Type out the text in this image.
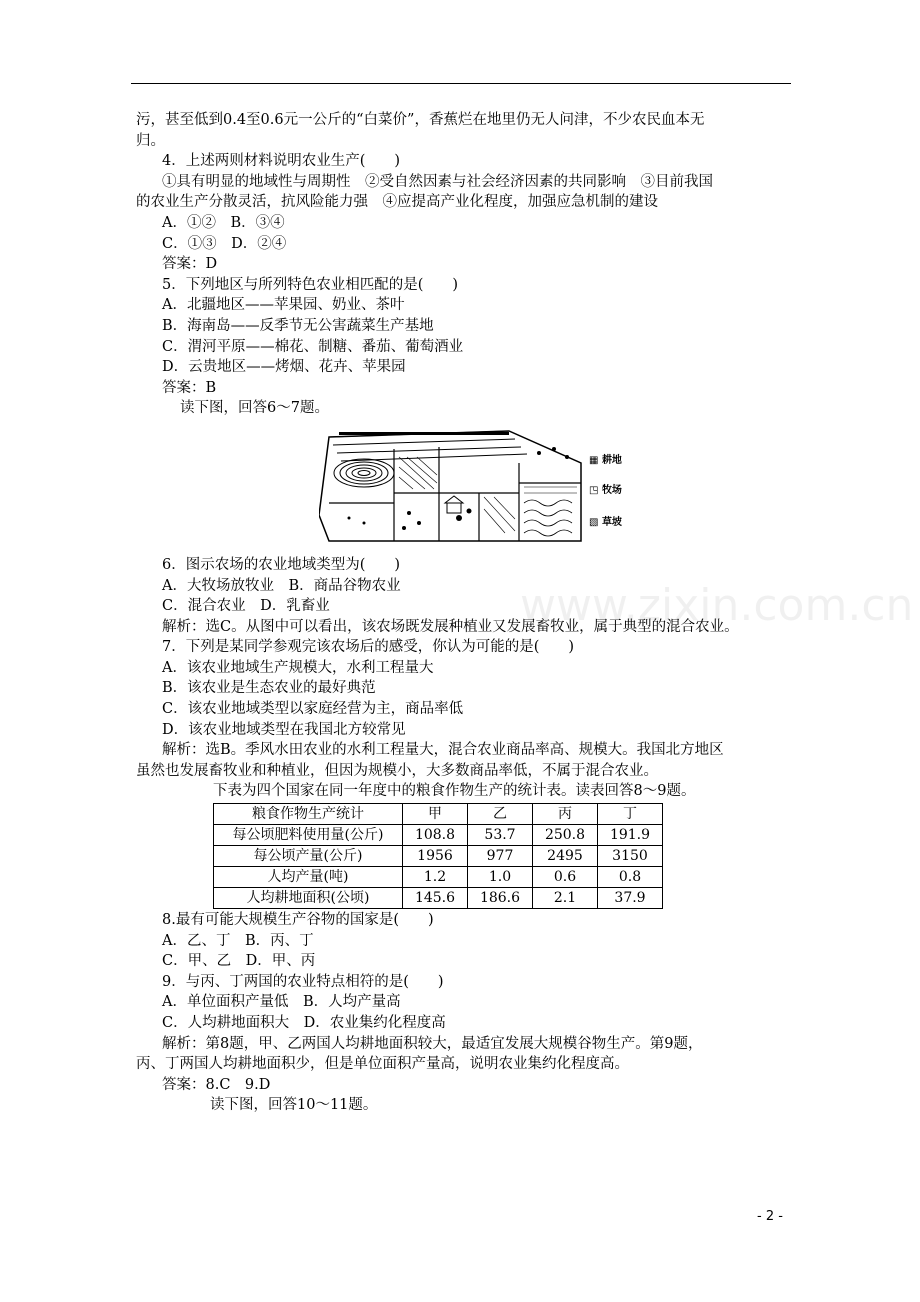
污，甚至低到0.4至0.6元一公斤的“白菜价”，香蕉烂在地里仍无人问津，不少农民血本无

归。

4．上述两则材料说明农业生产(　　)

①具有明显的地域性与周期性　②受自然因素与社会经济因素的共同影响　③目前我国

的农业生产分散灵活，抗风险能力强　④应提高产业化程度，加强应急机制的建设

A．①②　B．③④

C．①③　D．②④

答案：D

5．下列地区与所列特色农业相匹配的是(　　)

A．北疆地区——苹果园、奶业、茶叶

B．海南岛——反季节无公害蔬菜生产基地

C．渭河平原——棉花、制糖、番茄、葡萄酒业

D．云贵地区——烤烟、花卉、苹果园

答案：B

读下图，回答6～7题。

▦ 耕地
◳ 牧场
▧ 草坡

6．图示农场的农业地域类型为(　　)

A．大牧场放牧业　B．商品谷物农业

C．混合农业　D．乳畜业

解析：选C。从图中可以看出，该农场既发展种植业又发展畜牧业，属于典型的混合农业。

7．下列是某同学参观完该农场后的感受，你认为可能的是(　　)

A．该农业地域生产规模大，水利工程量大

B．该农业是生态农业的最好典范

C．该农业地域类型以家庭经营为主，商品率低

D．该农业地域类型在我国北方较常见

解析：选B。季风水田农业的水利工程量大，混合农业商品率高、规模大。我国北方地区

虽然也发展畜牧业和种植业，但因为规模小，大多数商品率低，不属于混合农业。

下表为四个国家在同一年度中的粮食作物生产的统计表。读表回答8～9题。

粮食作物生产统计	甲	乙	丙	丁
每公顷肥料使用量(公斤)	108.8	53.7	250.8	191.9
每公顷产量(公斤)	1956	977	2495	3150
人均产量(吨)	1.2	1.0	0.6	0.8
人均耕地面积(公顷)	145.6	186.6	2.1	37.9

8.最有可能大规模生产谷物的国家是(　　)

A．乙、丁　B．丙、丁

C．甲、乙　D．甲、丙

9．与丙、丁两国的农业特点相符的是(　　)

A．单位面积产量低　B．人均产量高

C．人均耕地面积大　D．农业集约化程度高

解析：第8题，甲、乙两国人均耕地面积较大，最适宜发展大规模谷物生产。第9题，

丙、丁两国人均耕地面积少，但是单位面积产量高，说明农业集约化程度高。

答案：8.C　9.D

读下图，回答10～11题。

www.zixin.com.cn
- 2 -
